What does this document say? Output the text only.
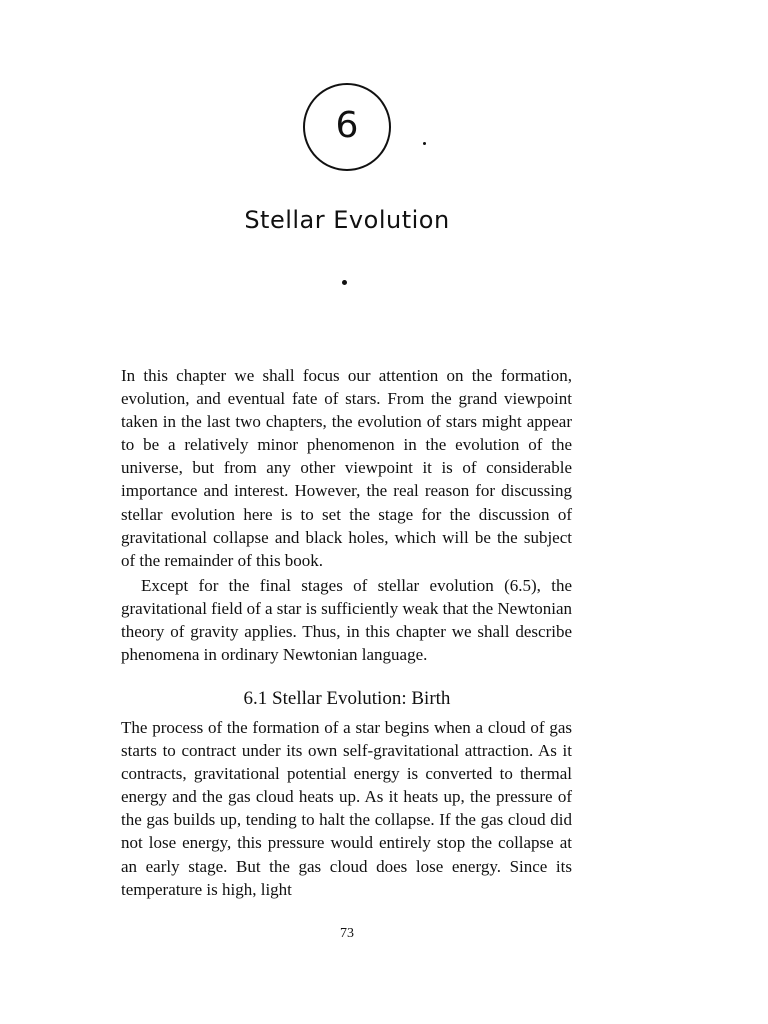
6
Stellar Evolution

In this chapter we shall focus our attention on the formation, evolution, and eventual fate of stars. From the grand viewpoint taken in the last two chapters, the evolution of stars might appear to be a relatively minor phenomenon in the evolution of the universe, but from any other viewpoint it is of considerable importance and interest. However, the real reason for discussing stellar evolution here is to set the stage for the discussion of gravitational collapse and black holes, which will be the subject of the remainder of this book.

Except for the final stages of stellar evolution (6.5), the gravitational field of a star is sufficiently weak that the Newtonian theory of gravity applies. Thus, in this chapter we shall describe phenomena in ordinary Newtonian language.

6.1 Stellar Evolution: Birth

The process of the formation of a star begins when a cloud of gas starts to contract under its own self-gravitational attraction. As it contracts, gravitational potential energy is converted to thermal energy and the gas cloud heats up. As it heats up, the pressure of the gas builds up, tending to halt the collapse. If the gas cloud did not lose energy, this pressure would entirely stop the collapse at an early stage. But the gas cloud does lose energy. Since its temperature is high, light

73
